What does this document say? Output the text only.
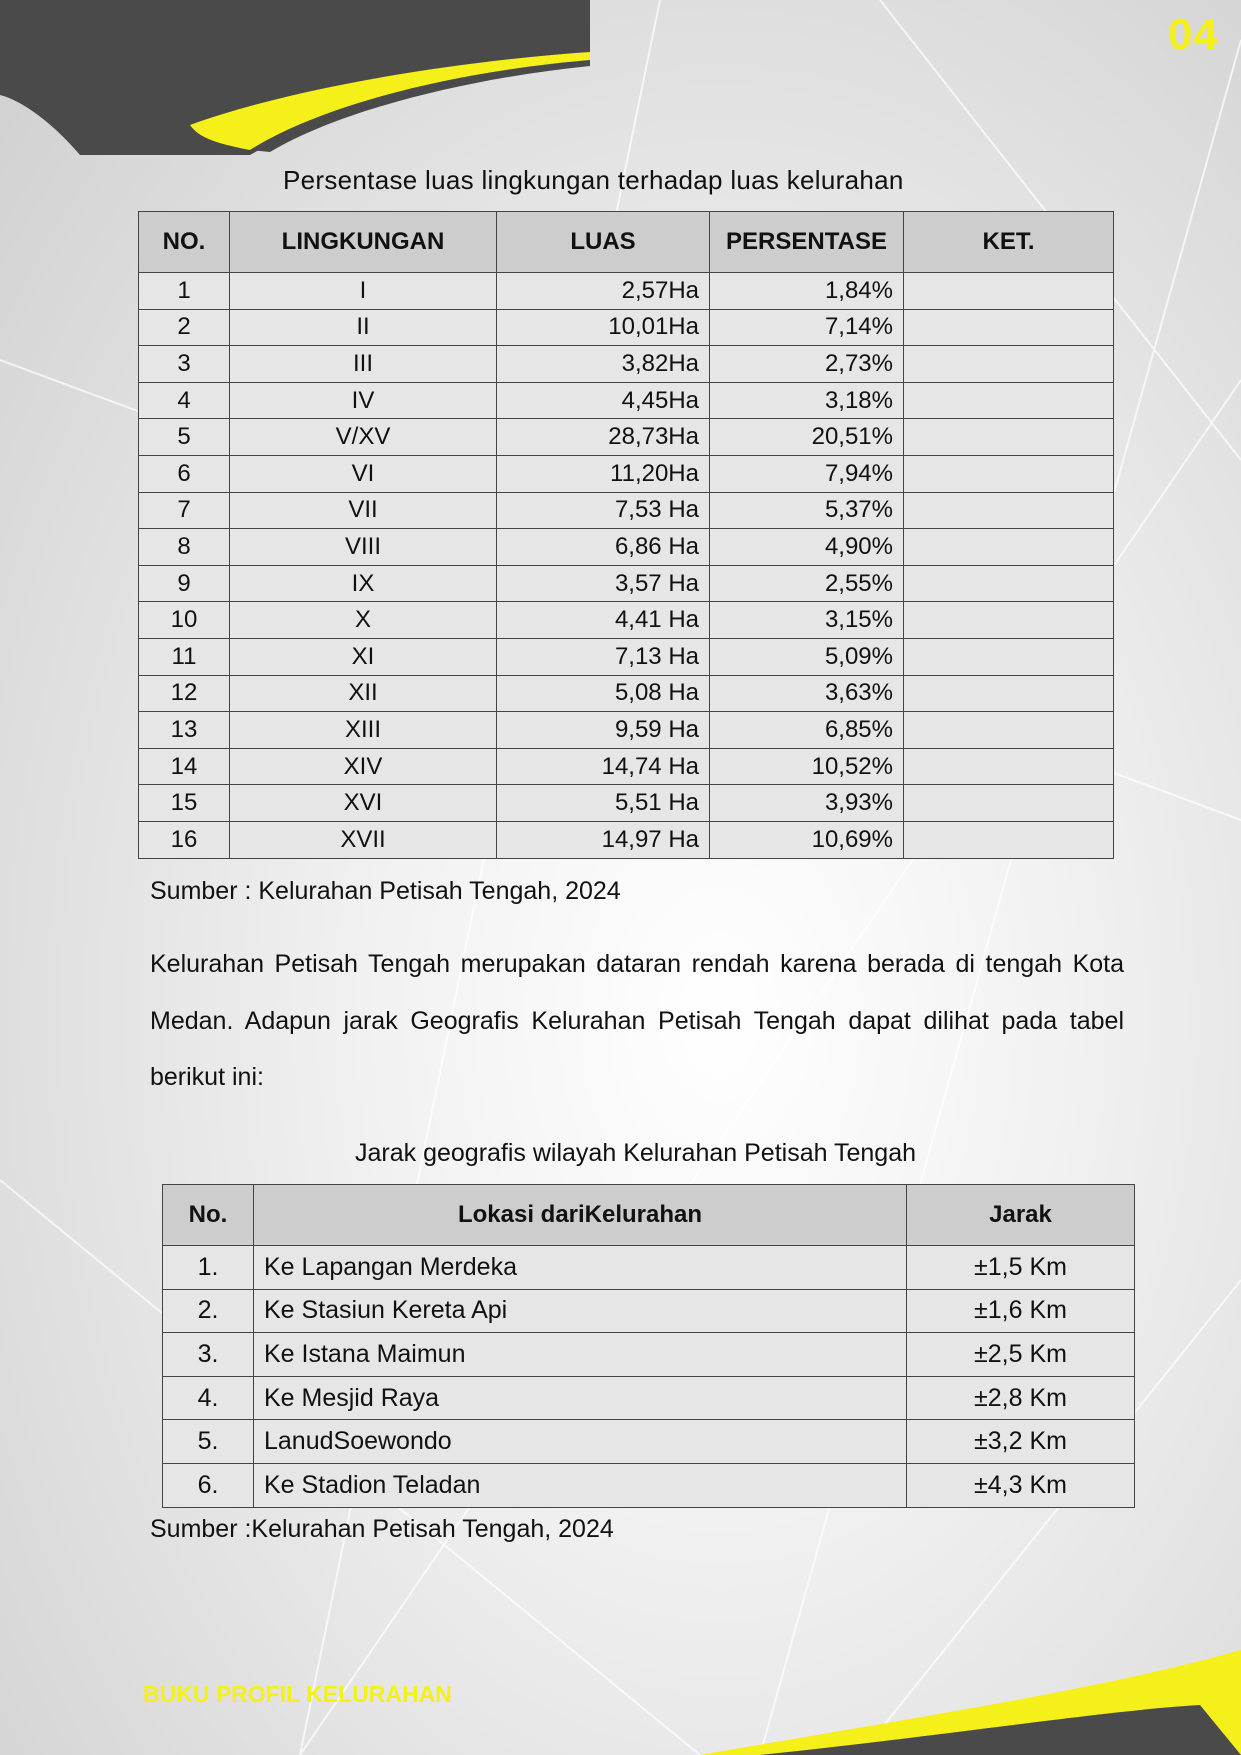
04
Persentase luas lingkungan terhadap luas kelurahan
NO.	LINGKUNGAN	LUAS	PERSENTASE	KET.
1	I	2,57Ha	1,84%	
2	II	10,01Ha	7,14%	
3	III	3,82Ha	2,73%	
4	IV	4,45Ha	3,18%	
5	V/XV	28,73Ha	20,51%	
6	VI	11,20Ha	7,94%	
7	VII	7,53 Ha	5,37%	
8	VIII	6,86 Ha	4,90%	
9	IX	3,57 Ha	2,55%	
10	X	4,41 Ha	3,15%	
11	XI	7,13 Ha	5,09%	
12	XII	5,08 Ha	3,63%	
13	XIII	9,59 Ha	6,85%	
14	XIV	14,74 Ha	10,52%	
15	XVI	5,51 Ha	3,93%	
16	XVII	14,97 Ha	10,69%	
Sumber : Kelurahan Petisah Tengah, 2024
Kelurahan Petisah Tengah merupakan dataran rendah karena berada di tengah Kota Medan. Adapun jarak Geografis Kelurahan Petisah Tengah dapat dilihat pada tabel berikut ini:
Jarak geografis wilayah Kelurahan Petisah Tengah
No.	Lokasi dariKelurahan	Jarak
1.	Ke Lapangan Merdeka	±1,5 Km
2.	Ke Stasiun Kereta Api	±1,6 Km
3.	Ke Istana Maimun	±2,5 Km
4.	Ke Mesjid Raya	±2,8 Km
5.	LanudSoewondo	±3,2 Km
6.	Ke Stadion Teladan	±4,3 Km
Sumber :Kelurahan Petisah Tengah, 2024
BUKU PROFIL KELURAHAN
